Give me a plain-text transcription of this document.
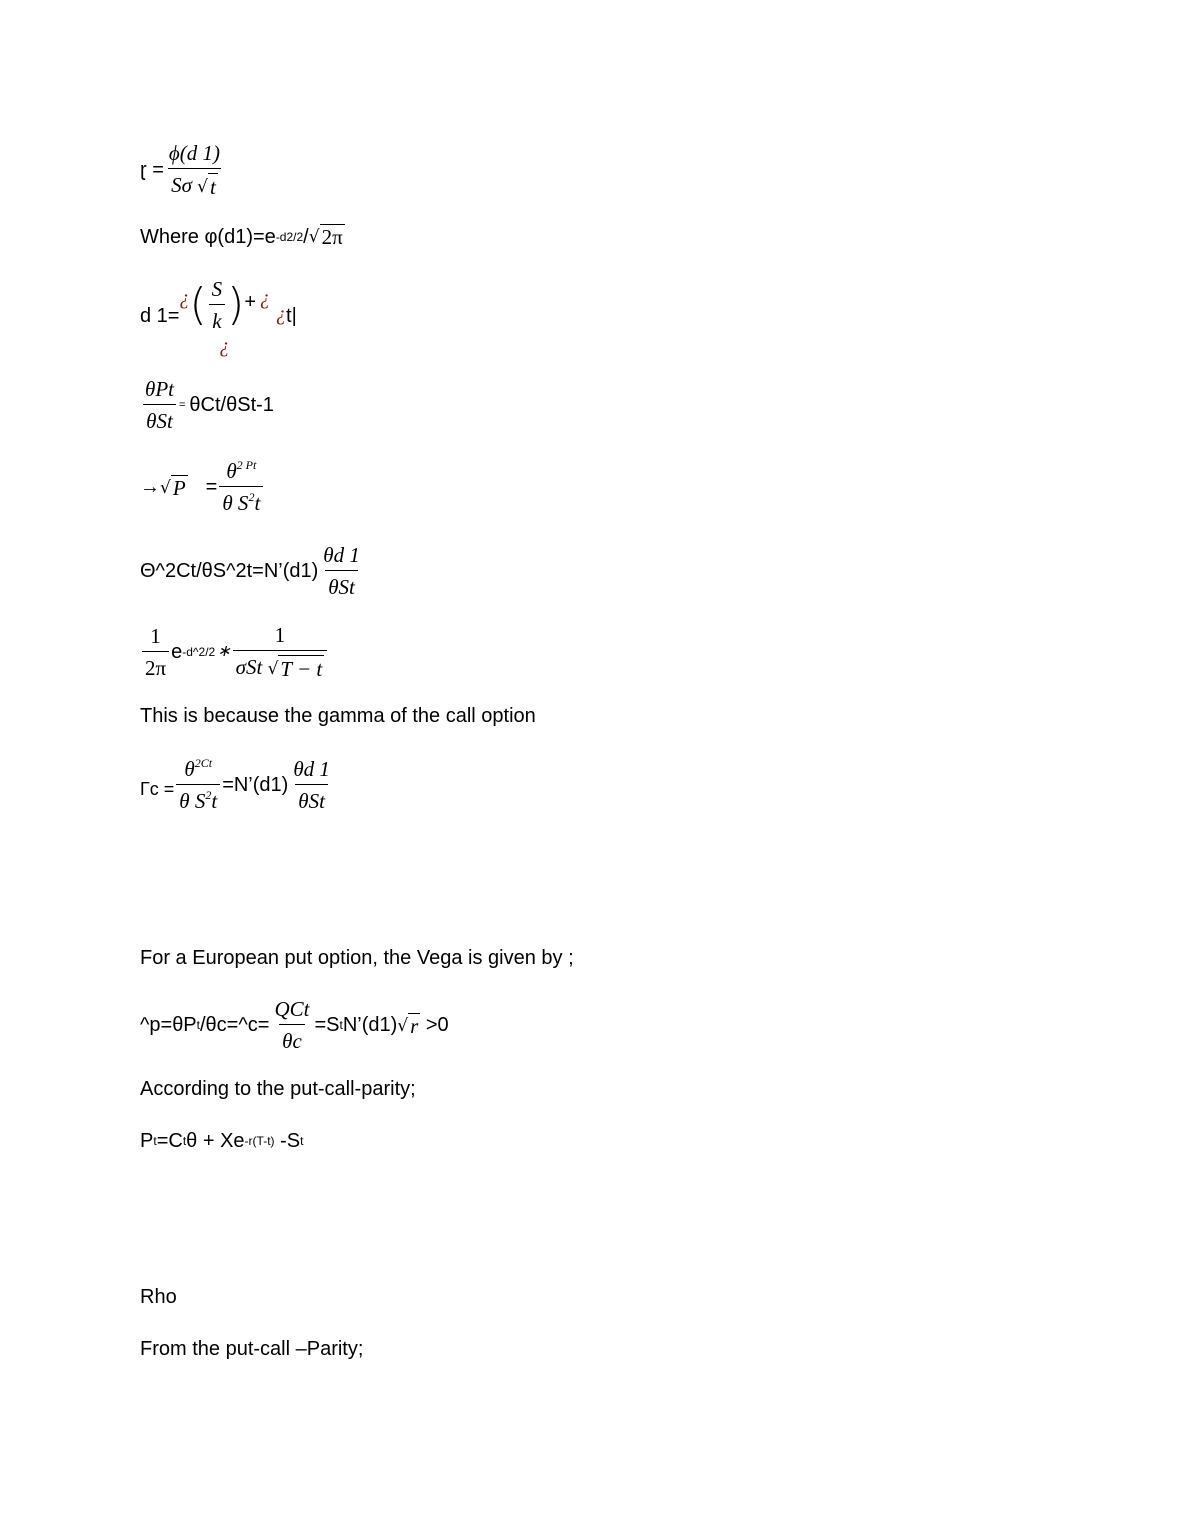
ɽ = $\frac{\phi(d 1)}{S\sigma √ t}$
Where φ(d1)=e -d2/2 / √ 2π
d 1=
¿ ( $\frac{S}{k}$ )
¿
+ ¿
¿ t|
$\frac{\text{θPt}}{\text{θSt}} = \theta Ct/\theta St-1$
→ √ $P = \frac{\theta^{2 Pt}}{\theta S^2t}$
Θ^2Ct/θS^2t=N’(d1) $\frac{\theta d 1}{\text{θSt}}$
$\frac{1}{2\pi}$ e -d^2/2 ∗ $\frac{1}{\text{σSt √ T − t}}$
This is because the gamma of the call option
Гc = $\frac{\theta^{2Ct}}{\theta S^2t}$ =N’(d1) $\frac{\theta d 1}{\text{θSt}}$
For a European put option, the Vega is given by ;
^p=θP t /θc=^c= $\frac{\text{QCt}}{\theta c} =S$ t N’(d1) √ r >0
According to the put-call-parity;
P t =C t θ + Xe -r(T-t) -S t
Rho
From the put-call –Parity;
